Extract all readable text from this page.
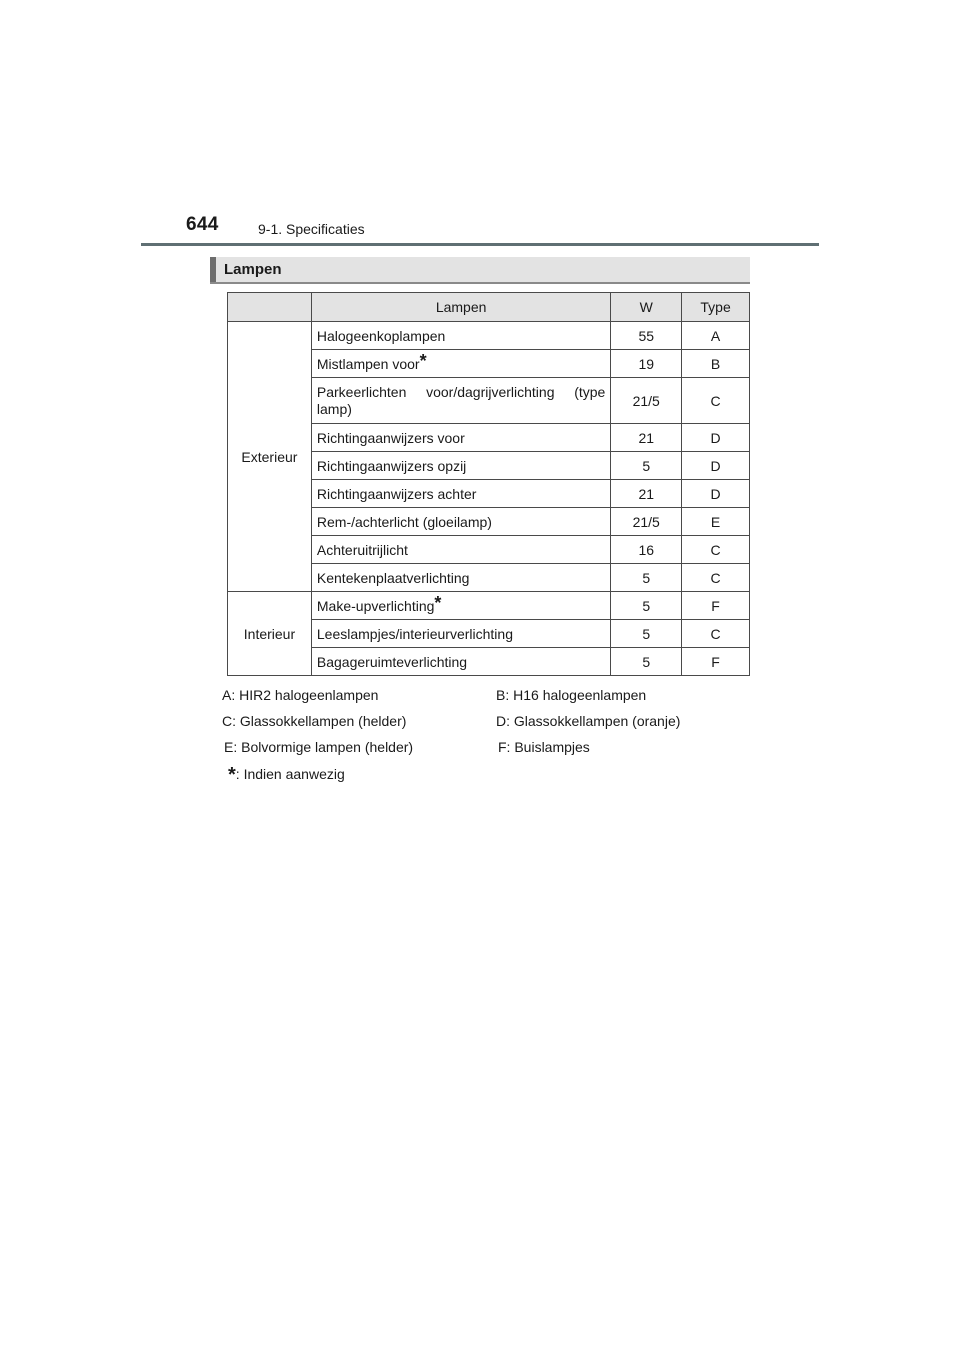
644	9-1. Specificaties
Lampen
	Lampen	W	Type
Exterieur	Halogeenkoplampen	55	A
	Mistlampen voor*	19	B

	Parkeerlichten voor/dagrijverlichting (type lamp)	21/5	C
	Richtingaanwijzers voor	21	D
	Richtingaanwijzers opzij	5	D
	Richtingaanwijzers achter	21	D
	Rem-/achterlicht (gloeilamp)	21/5	E
	Achteruitrijlicht	16	C
	Kentekenplaatverlichting	5	C
Interieur	Make-upverlichting*	5	F
	Leeslampjes/interieurverlichting	5	C
	Bagageruimteverlichting	5	F
A: HIR2 halogeenlampen	B: H16 halogeenlampen
C: Glassokkellampen (helder)	D: Glassokkellampen (oranje)
E: Bolvormige lampen (helder)	F: Buislampjes
*: Indien aanwezig
